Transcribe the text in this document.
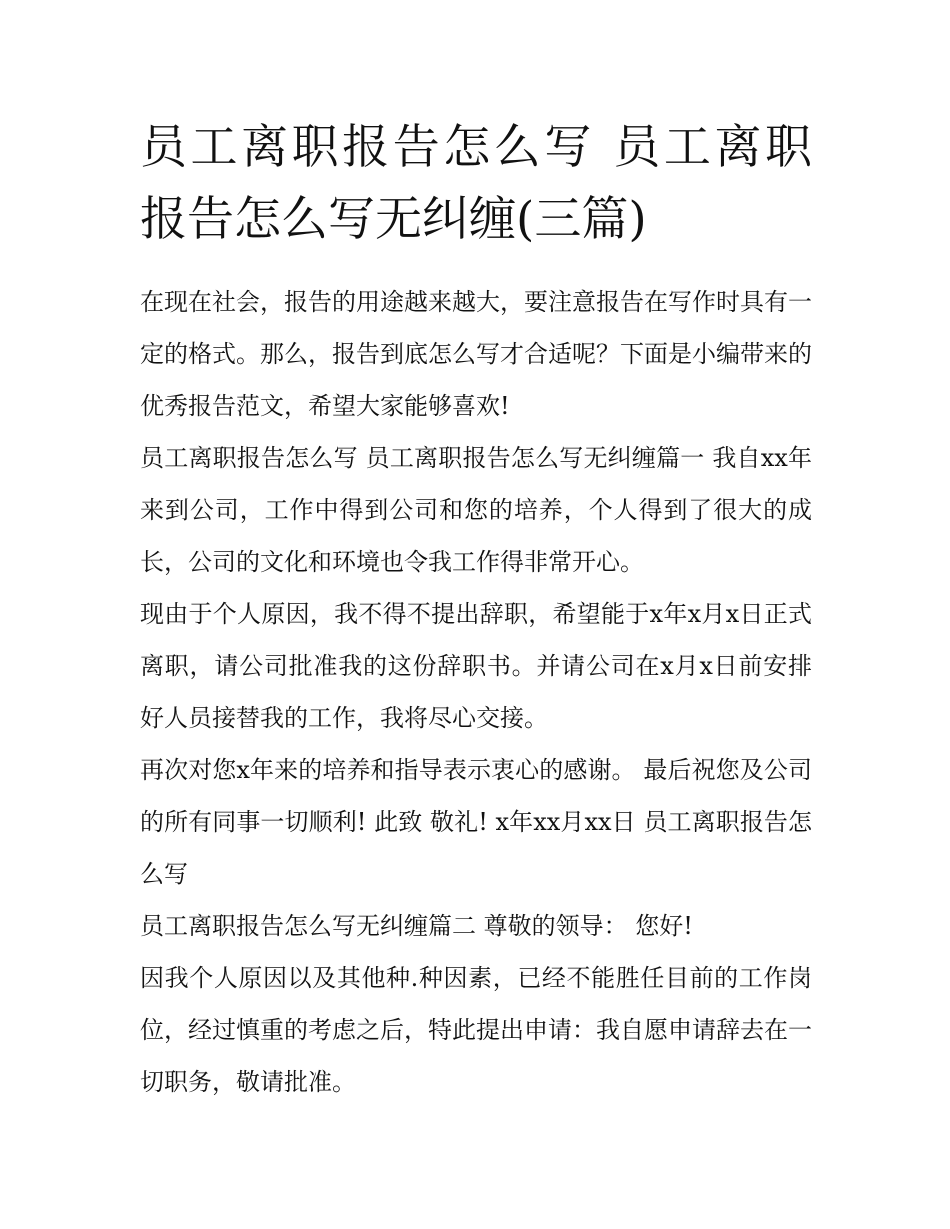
员工离职报告怎么写 员工离职报告怎么写无纠缠(三篇)

在现在社会，报告的用途越来越大，要注意报告在写作时具有一定的格式。那么，报告到底怎么写才合适呢？下面是小编带来的优秀报告范文，希望大家能够喜欢!

员工离职报告怎么写 员工离职报告怎么写无纠缠篇一 我自xx年来到公司，工作中得到公司和您的培养，个人得到了很大的成长，公司的文化和环境也令我工作得非常开心。

现由于个人原因，我不得不提出辞职，希望能于x年x月x日正式离职，请公司批准我的这份辞职书。并请公司在x月x日前安排好人员接替我的工作，我将尽心交接。

再次对您x年来的培养和指导表示衷心的感谢。 最后祝您及公司的所有同事一切顺利! 此致 敬礼! x年xx月xx日 员工离职报告怎么写

员工离职报告怎么写无纠缠篇二 尊敬的领导： 您好!

因我个人原因以及其他种.种因素，已经不能胜任目前的工作岗位，经过慎重的考虑之后，特此提出申请：我自愿申请辞去在一切职务，敬请批准。
